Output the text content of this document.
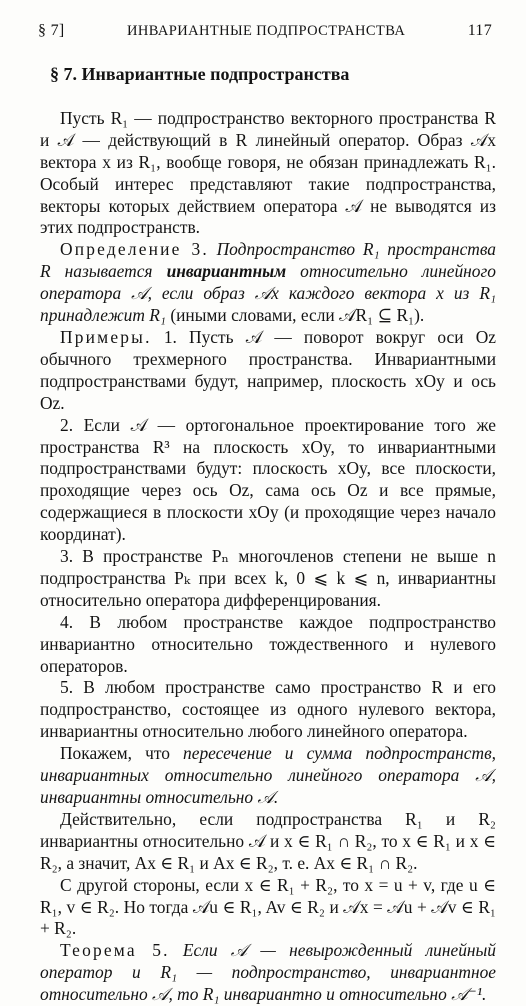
§ 7]	ИНВАРИАНТНЫЕ ПОДПРОСТРАНСТВА	117
§ 7. Инвариантные подпространства

Пусть R₁ — подпространство векторного пространства R и 𝒜 — действующий в R линейный оператор. Образ 𝒜x вектора x из R₁, вообще говоря, не обязан принадлежать R₁. Особый интерес представляют такие подпространства, векторы которых действием оператора 𝒜 не выводятся из этих подпространств.

Определение 3. Подпространство R₁ пространства R называется инвариантным относительно линейного оператора 𝒜, если образ 𝒜x каждого вектора x из R₁ принадлежит R₁ (иными словами, если 𝒜R₁ ⊆ R₁).

Примеры. 1. Пусть 𝒜 — поворот вокруг оси Oz обычного трехмерного пространства. Инвариантными подпространствами будут, например, плоскость xOy и ось Oz.

2. Если 𝒜 — ортогональное проектирование того же пространства R³ на плоскость xOy, то инвариантными подпространствами будут: плоскость xOy, все плоскости, проходящие через ось Oz, сама ось Oz и все прямые, содержащиеся в плоскости xOy (и проходящие через начало координат).

3. В пространстве Pₙ многочленов степени не выше n подпространства Pₖ при всех k, 0 ⩽ k ⩽ n, инвариантны относительно оператора дифференцирования.

4. В любом пространстве каждое подпространство инвариантно относительно тождественного и нулевого операторов.

5. В любом пространстве само пространство R и его подпространство, состоящее из одного нулевого вектора, инвариантны относительно любого линейного оператора.

Покажем, что пересечение и сумма подпространств, инвариантных относительно линейного оператора 𝒜, инвариантны относительно 𝒜.

Действительно, если подпространства R₁ и R₂ инвариантны относительно 𝒜 и x ∈ R₁ ∩ R₂, то x ∈ R₁ и x ∈ R₂, а значит, Ax ∈ R₁ и Ax ∈ R₂, т. е. Ax ∈ R₁ ∩ R₂.

С другой стороны, если x ∈ R₁ + R₂, то x = u + v, где u ∈ R₁, v ∈ R₂. Но тогда 𝒜u ∈ R₁, Av ∈ R₂ и 𝒜x = 𝒜u + 𝒜v ∈ R₁ + R₂.

Теорема 5. Если 𝒜 — невырожденный линейный оператор и R₁ — подпространство, инвариантное относительно 𝒜, то R₁ инвариантно и относительно 𝒜⁻¹.
